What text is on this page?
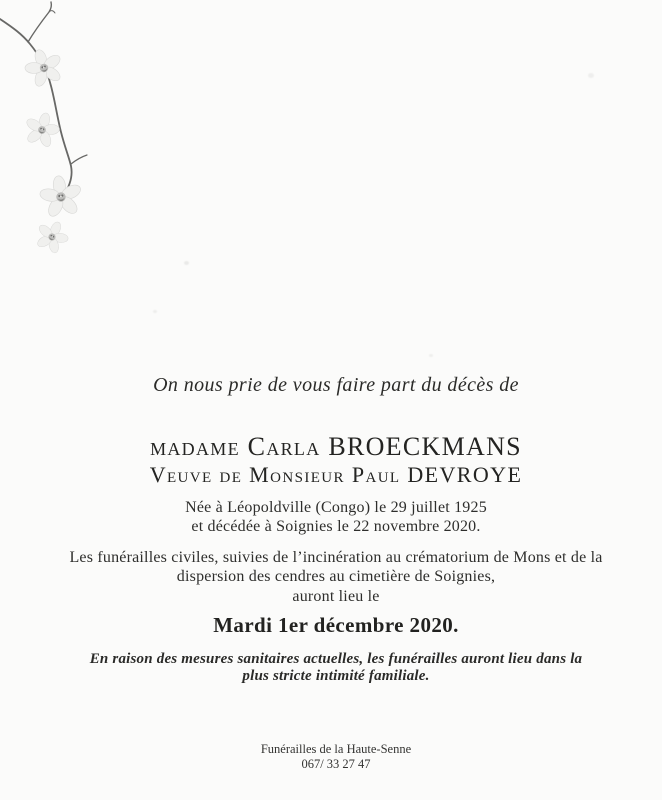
On nous prie de vous faire part du décès de
madame Carla BROECKMANS
Veuve de Monsieur Paul DEVROYE
Née à Léopoldville (Congo) le 29 juillet 1925
et décédée à Soignies le 22 novembre 2020.
Les funérailles civiles, suivies de l’incinération au crématorium de Mons et de la
dispersion des cendres au cimetière de Soignies,
auront lieu le
Mardi 1er décembre 2020.
En raison des mesures sanitaires actuelles, les funérailles auront lieu dans la
plus stricte intimité familiale.
Funérailles de la Haute-Senne
067/ 33 27 47
